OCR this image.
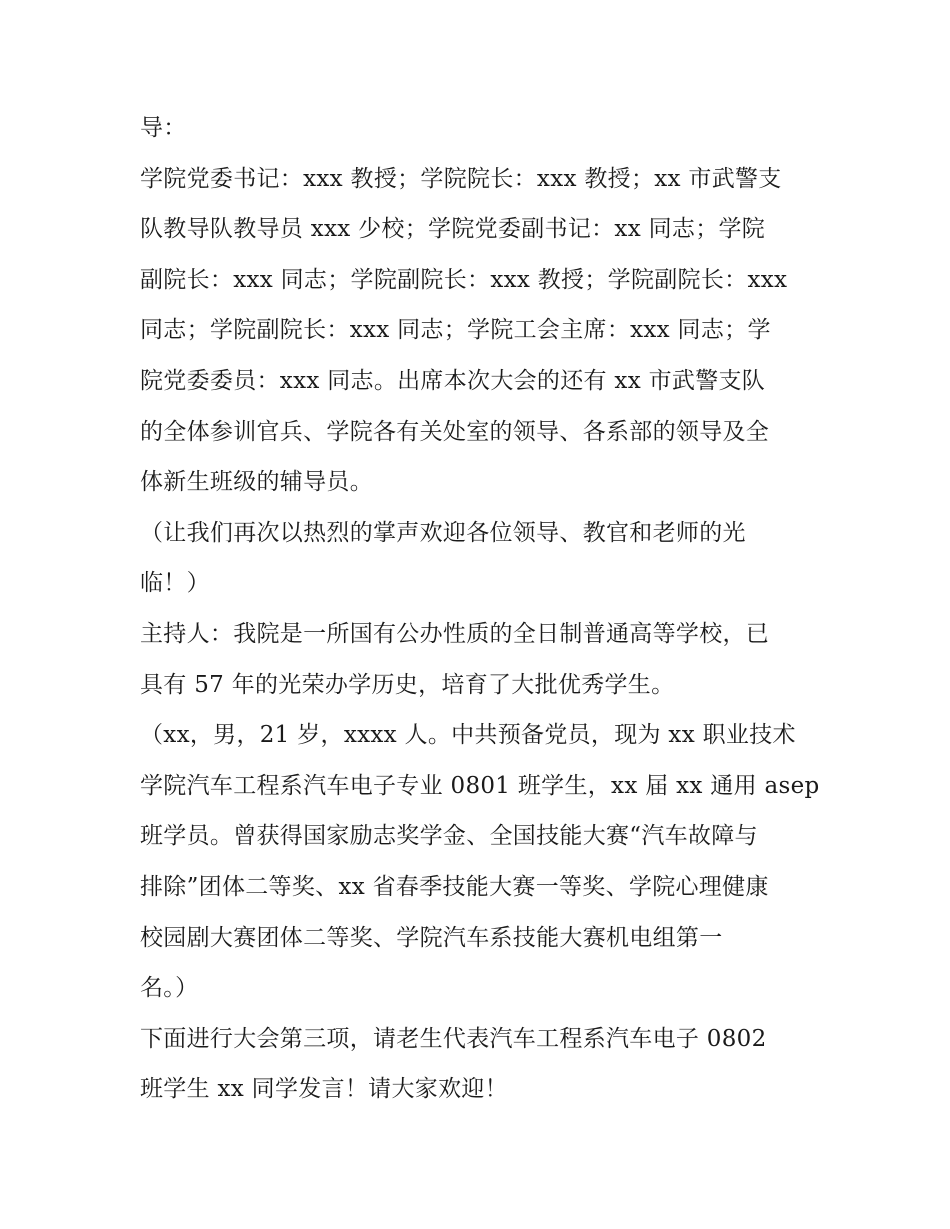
导：
学院党委书记：xxx 教授；学院院长：xxx 教授；xx 市武警支
队教导队教导员 xxx 少校；学院党委副书记：xx 同志；学院
副院长：xxx 同志；学院副院长：xxx 教授；学院副院长：xxx
同志；学院副院长：xxx 同志；学院工会主席：xxx 同志；学
院党委委员：xxx 同志。出席本次大会的还有 xx 市武警支队
的全体参训官兵、学院各有关处室的领导、各系部的领导及全
体新生班级的辅导员。
（让我们再次以热烈的掌声欢迎各位领导、教官和老师的光
临！）
主持人：我院是一所国有公办性质的全日制普通高等学校，已
具有 57 年的光荣办学历史，培育了大批优秀学生。
（xx，男，21 岁，xxxx 人。中共预备党员，现为 xx 职业技术
学院汽车工程系汽车电子专业 0801 班学生，xx 届 xx 通用 asep
班学员。曾获得国家励志奖学金、全国技能大赛“汽车故障与
排除”团体二等奖、xx 省春季技能大赛一等奖、学院心理健康
校园剧大赛团体二等奖、学院汽车系技能大赛机电组第一
名。）
下面进行大会第三项，请老生代表汽车工程系汽车电子 0802
班学生 xx 同学发言！请大家欢迎！
